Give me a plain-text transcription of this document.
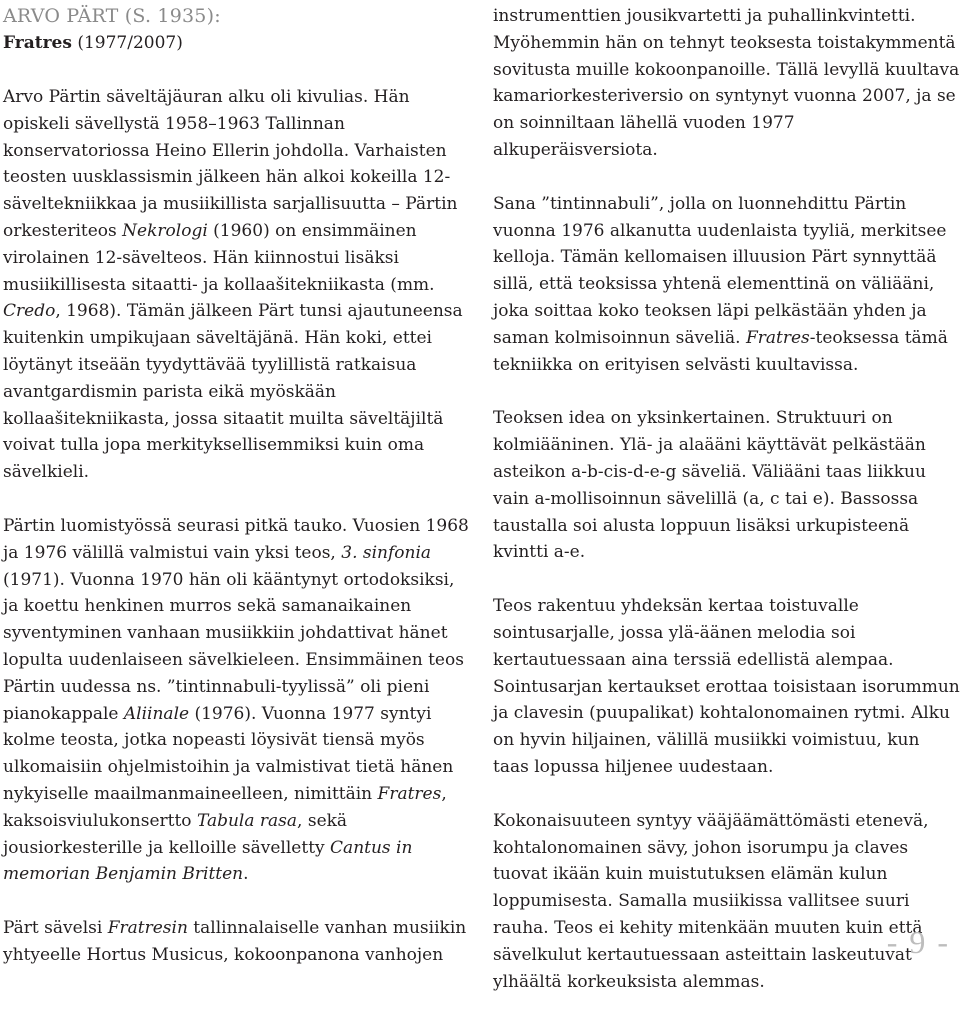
ARVO PÄRT (S. 1935):
Fratres (1977/2007)

Arvo Pärtin säveltäjäuran alku oli kivulias. Hän opiskeli sävellystä 1958–1963 Tallinnan konservatoriossa Heino Ellerin johdolla. Varhaisten teosten uusklassismin jälkeen hän alkoi kokeilla 12-säveltekniikkaa ja musiikillista sarjallisuutta – Pärtin orkesteriteos Nekrologi (1960) on ensimmäinen virolainen 12-sävelteos. Hän kiinnostui lisäksi musiikillisesta sitaatti- ja kollaašitekniikasta (mm. Credo, 1968). Tämän jälkeen Pärt tunsi ajautuneensa kuitenkin umpikujaan säveltäjänä. Hän koki, ettei löytänyt itseään tyydyttävää tyylillistä ratkaisua avantgardismin parista eikä myöskään kollaašitekniikasta, jossa sitaatit muilta säveltäjiltä voivat tulla jopa merkityksellisemmiksi kuin oma sävelkieli.

Pärtin luomistyössä seurasi pitkä tauko. Vuosien 1968 ja 1976 välillä valmistui vain yksi teos, 3. sinfonia (1971). Vuonna 1970 hän oli kääntynyt ortodoksiksi, ja koettu henkinen murros sekä samanaikainen syventyminen vanhaan musiikkiin johdattivat hänet lopulta uudenlaiseen sävelkieleen. Ensimmäinen teos Pärtin uudessa ns. ”tintinnabuli-tyylissä” oli pieni pianokappale Aliinale (1976). Vuonna 1977 syntyi kolme teosta, jotka nopeasti löysivät tiensä myös ulkomaisiin ohjelmistoihin ja valmistivat tietä hänen nykyiselle maailmanmaineelleen, nimittäin Fratres, kaksoisviulukonsertto Tabula rasa, sekä jousiorkesterille ja kelloille sävelletty Cantus in memorian Benjamin Britten.

Pärt sävelsi Fratresin tallinnalaiselle vanhan musiikin yhtyeelle Hortus Musicus, kokoonpanona vanhojen

instrumenttien jousikvartetti ja puhallinkvintetti. Myöhemmin hän on tehnyt teoksesta toistakymmentä sovitusta muille kokoonpanoille. Tällä levyllä kuultava kamariorkesteriversio on syntynyt vuonna 2007, ja se on soinniltaan lähellä vuoden 1977 alkuperäisversiota.

Sana ”tintinnabuli”, jolla on luonnehdittu Pärtin vuonna 1976 alkanutta uudenlaista tyyliä, merkitsee kelloja. Tämän kellomaisen illuusion Pärt synnyttää sillä, että teoksissa yhtenä elementtinä on väliääni, joka soittaa koko teoksen läpi pelkästään yhden ja saman kolmisoinnun säveliä. Fratres-teoksessa tämä tekniikka on erityisen selvästi kuultavissa.

Teoksen idea on yksinkertainen. Struktuuri on kolmiääninen. Ylä- ja alaääni käyttävät pelkästään asteikon a-b-cis-d-e-g säveliä. Väliääni taas liikkuu vain a-mollisoinnun sävelillä (a, c tai e). Bassossa taustalla soi alusta loppuun lisäksi urkupisteenä kvintti a-e.

Teos rakentuu yhdeksän kertaa toistuvalle sointusarjalle, jossa ylä-äänen melodia soi kertautuessaan aina terssiä edellistä alempaa. Sointusarjan kertaukset erottaa toisistaan isorummun ja clavesin (puupalikat) kohtalonomainen rytmi. Alku on hyvin hiljainen, välillä musiikki voimistuu, kun taas lopussa hiljenee uudestaan.

Kokonaisuuteen syntyy vääjäämättömästi etenevä, kohtalonomainen sävy, johon isorumpu ja claves tuovat ikään kuin muistutuksen elämän kulun loppumisesta. Samalla musiikissa vallitsee suuri rauha. Teos ei kehity mitenkään muuten kuin että sävelkulut kertautuessaan asteittain laskeutuvat ylhäältä korkeuksista alemmas.

- 9 -
